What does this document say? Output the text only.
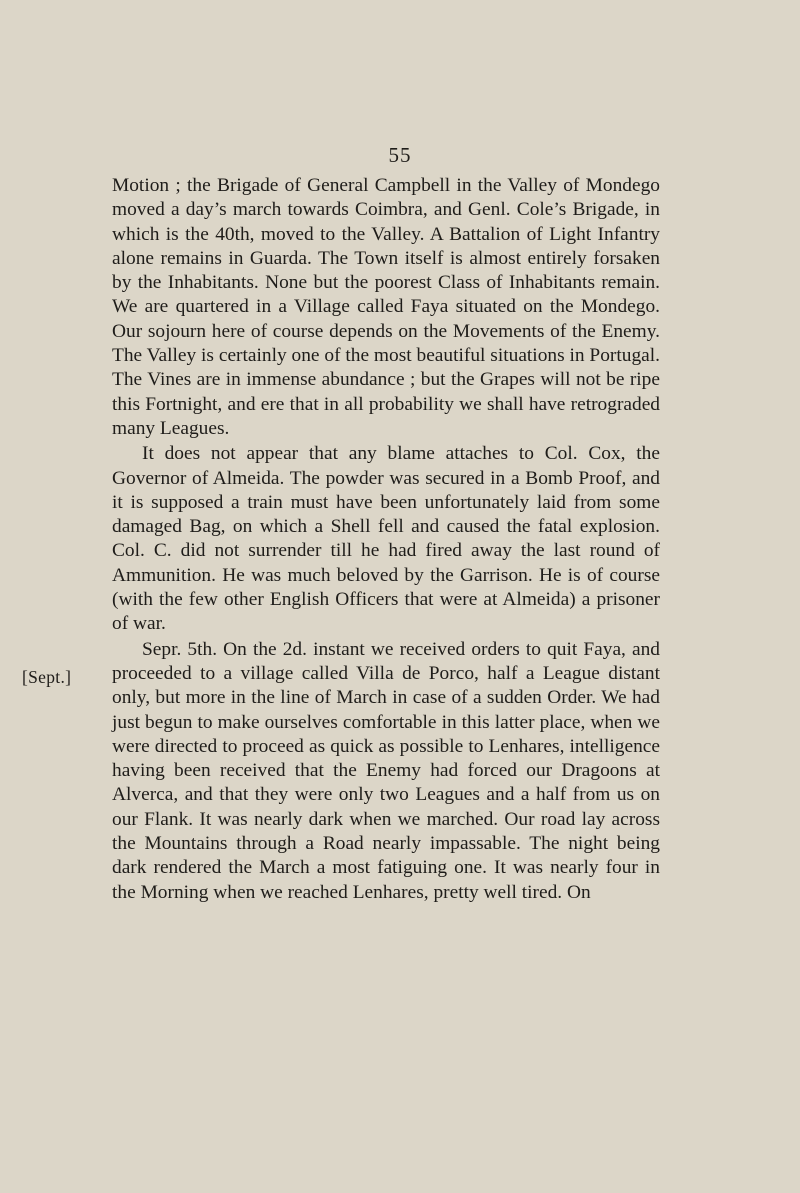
55
[Sept.]

Motion ; the Brigade of General Campbell in the Valley of Mondego moved a day’s march towards Coimbra, and Genl. Cole’s Brigade, in which is the 40th, moved to the Valley. A Battalion of Light Infantry alone remains in Guarda. The Town itself is almost entirely forsaken by the Inhabitants. None but the poorest Class of Inhabitants remain. We are quartered in a Village called Faya situated on the Mondego. Our sojourn here of course depends on the Movements of the Enemy. The Valley is certainly one of the most beautiful situations in Portugal. The Vines are in immense abundance ; but the Grapes will not be ripe this Fortnight, and ere that in all probability we shall have retrograded many Leagues.

It does not appear that any blame attaches to Col. Cox, the Governor of Almeida. The powder was secured in a Bomb Proof, and it is supposed a train must have been unfortunately laid from some damaged Bag, on which a Shell fell and caused the fatal explosion. Col. C. did not surrender till he had fired away the last round of Ammunition. He was much beloved by the Garrison. He is of course (with the few other English Officers that were at Almeida) a prisoner of war.

Sepr. 5th. On the 2d. instant we received orders to quit Faya, and proceeded to a village called Villa de Porco, half a League distant only, but more in the line of March in case of a sudden Order. We had just begun to make ourselves comfortable in this latter place, when we were directed to proceed as quick as possible to Lenhares, intelligence having been received that the Enemy had forced our Dragoons at Alverca, and that they were only two Leagues and a half from us on our Flank. It was nearly dark when we marched. Our road lay across the Mountains through a Road nearly impassable. The night being dark rendered the March a most fatiguing one. It was nearly four in the Morning when we reached Lenhares, pretty well tired. On
